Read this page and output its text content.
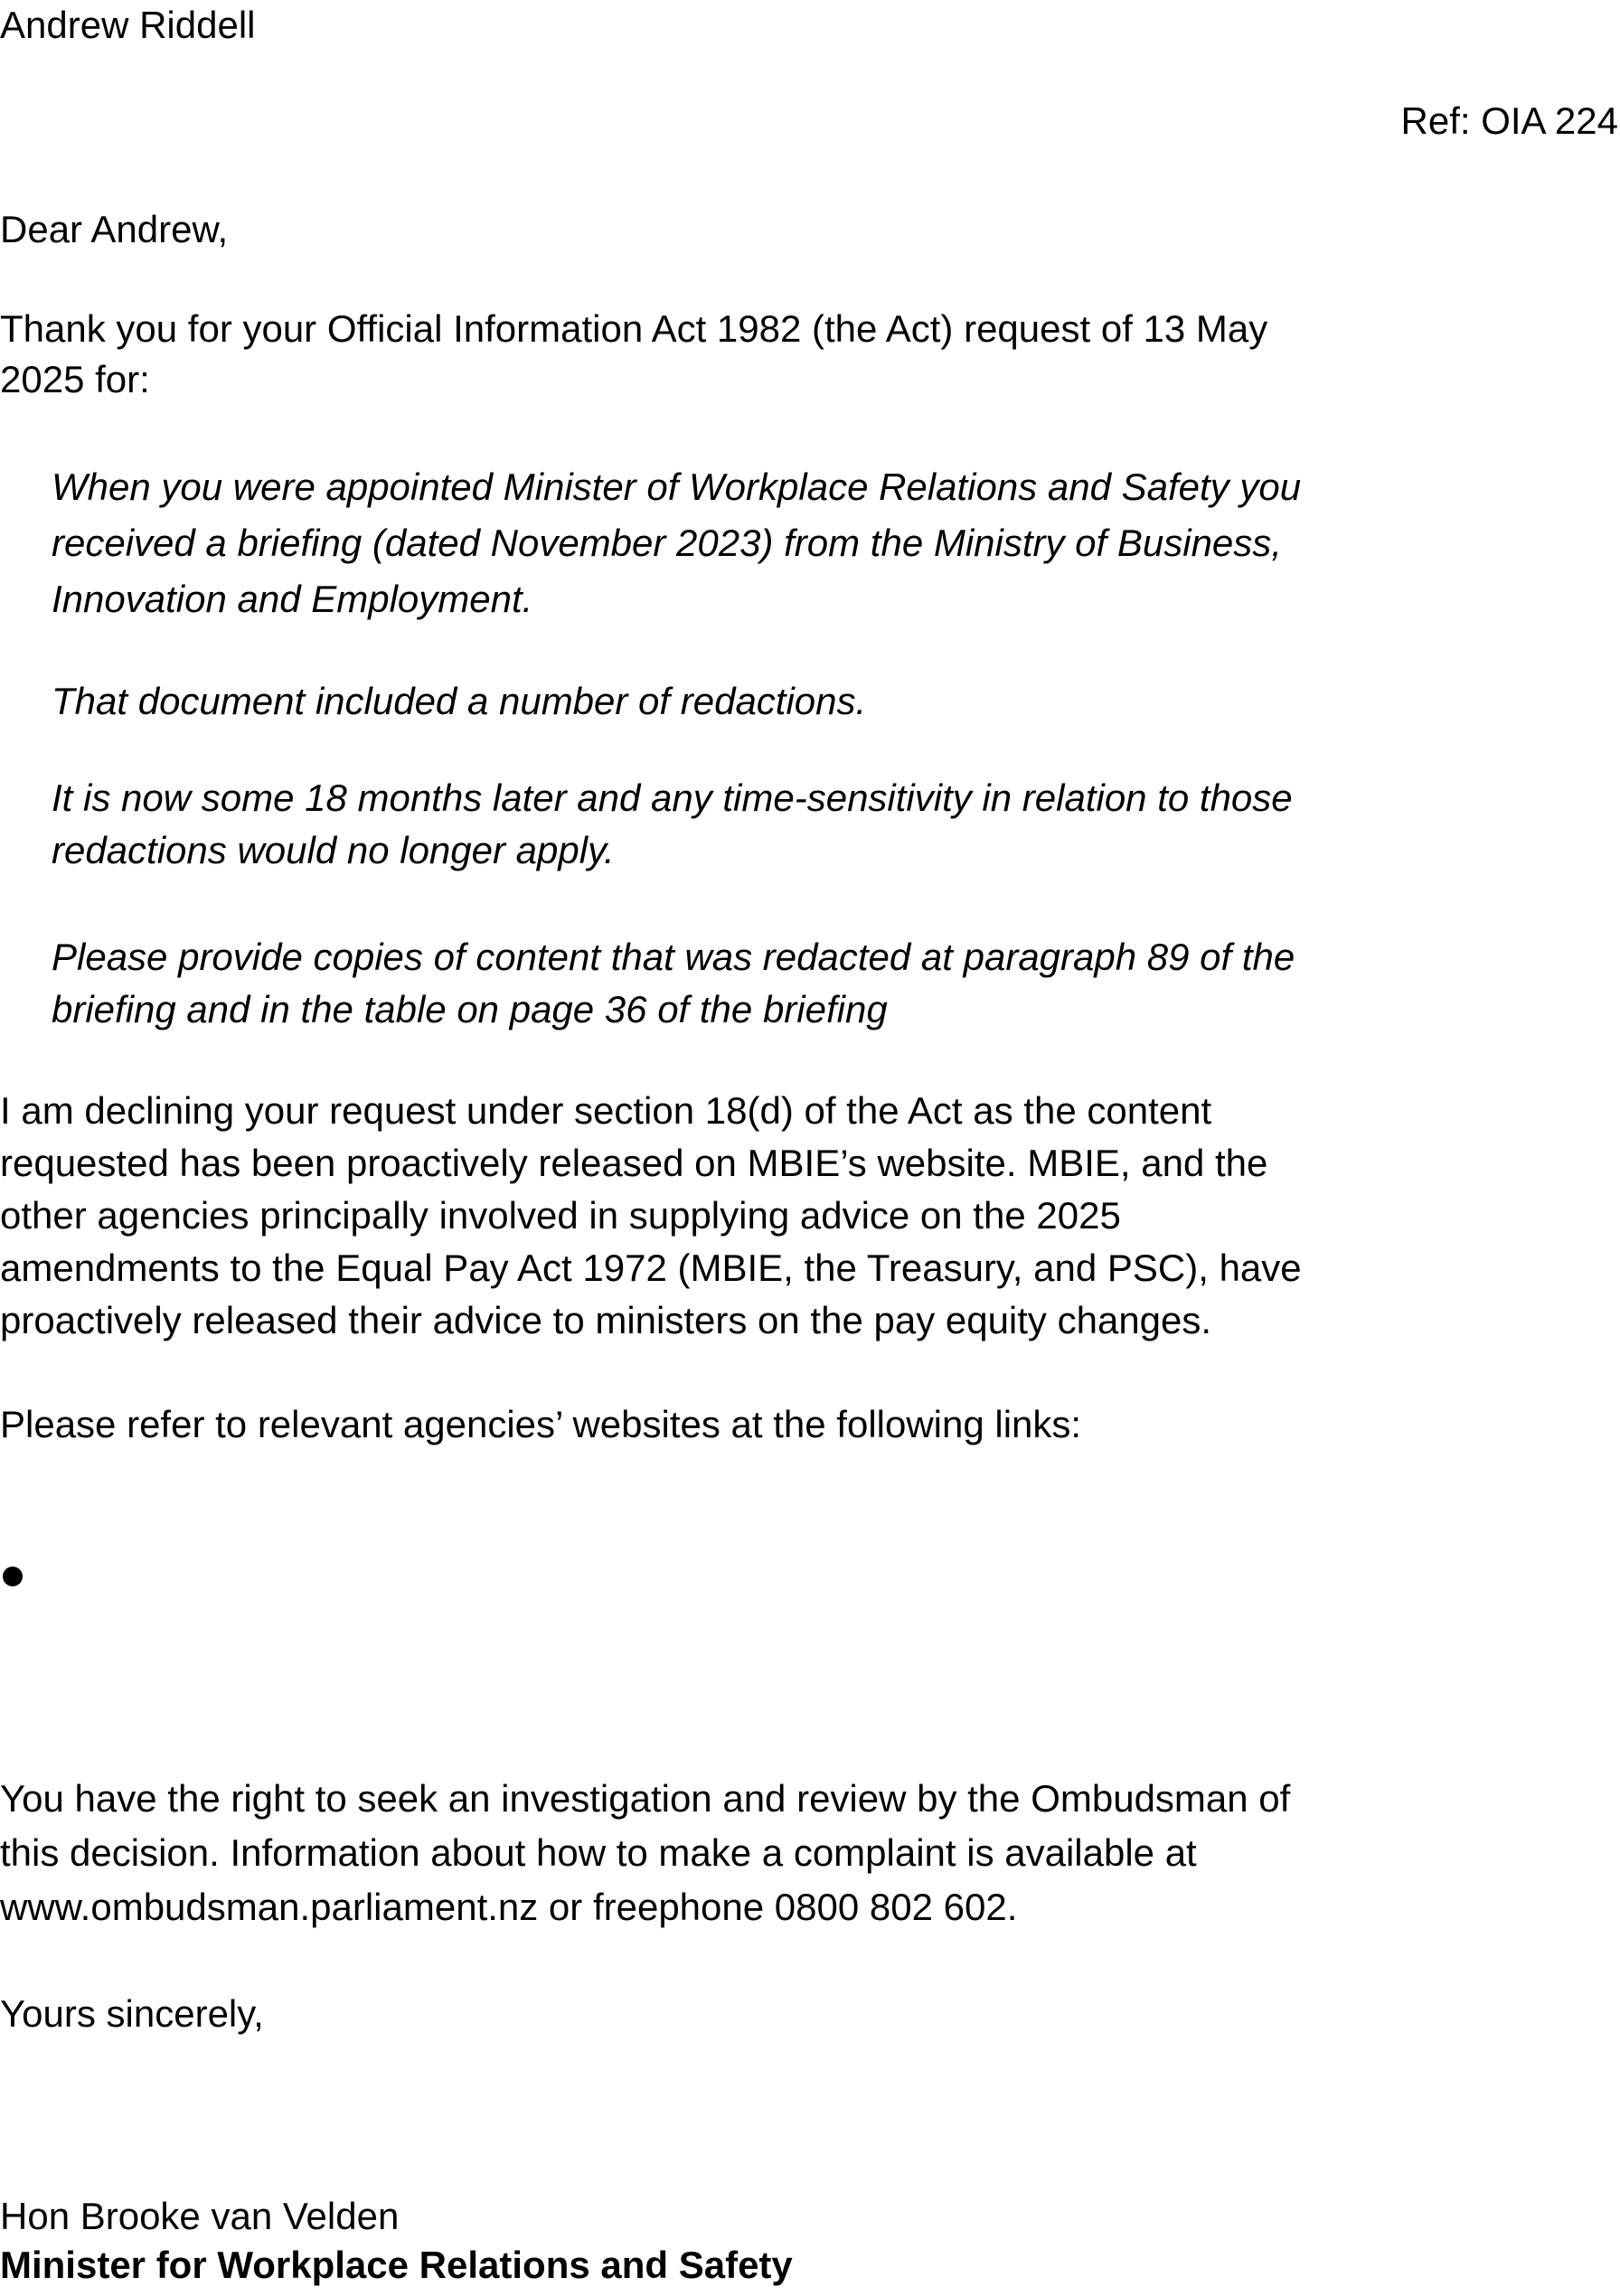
Andrew Riddell

Ref: OIA 224

Dear Andrew,

Thank you for your Official Information Act 1982 (the Act) request of 13 May
2025 for:
When you were appointed Minister of Workplace Relations and Safety you
received a briefing (dated November 2023) from the Ministry of Business,
Innovation and Employment.
That document included a number of redactions.
It is now some 18 months later and any time-sensitivity in relation to those
redactions would no longer apply.
Please provide copies of content that was redacted at paragraph 89 of the
briefing and in the table on page 36 of the briefing
I am declining your request under section 18(d) of the Act as the content
requested has been proactively released on MBIE’s website. MBIE, and the
other agencies principally involved in supplying advice on the 2025
amendments to the Equal Pay Act 1972 (MBIE, the Treasury, and PSC), have
proactively released their advice to ministers on the pay equity changes.

Please refer to relevant agencies’ websites at the following links:

You have the right to seek an investigation and review by the Ombudsman of
this decision. Information about how to make a complaint is available at
www.ombudsman.parliament.nz or freephone 0800 802 602.

Yours sincerely,

Hon Brooke van Velden

Minister for Workplace Relations and Safety
